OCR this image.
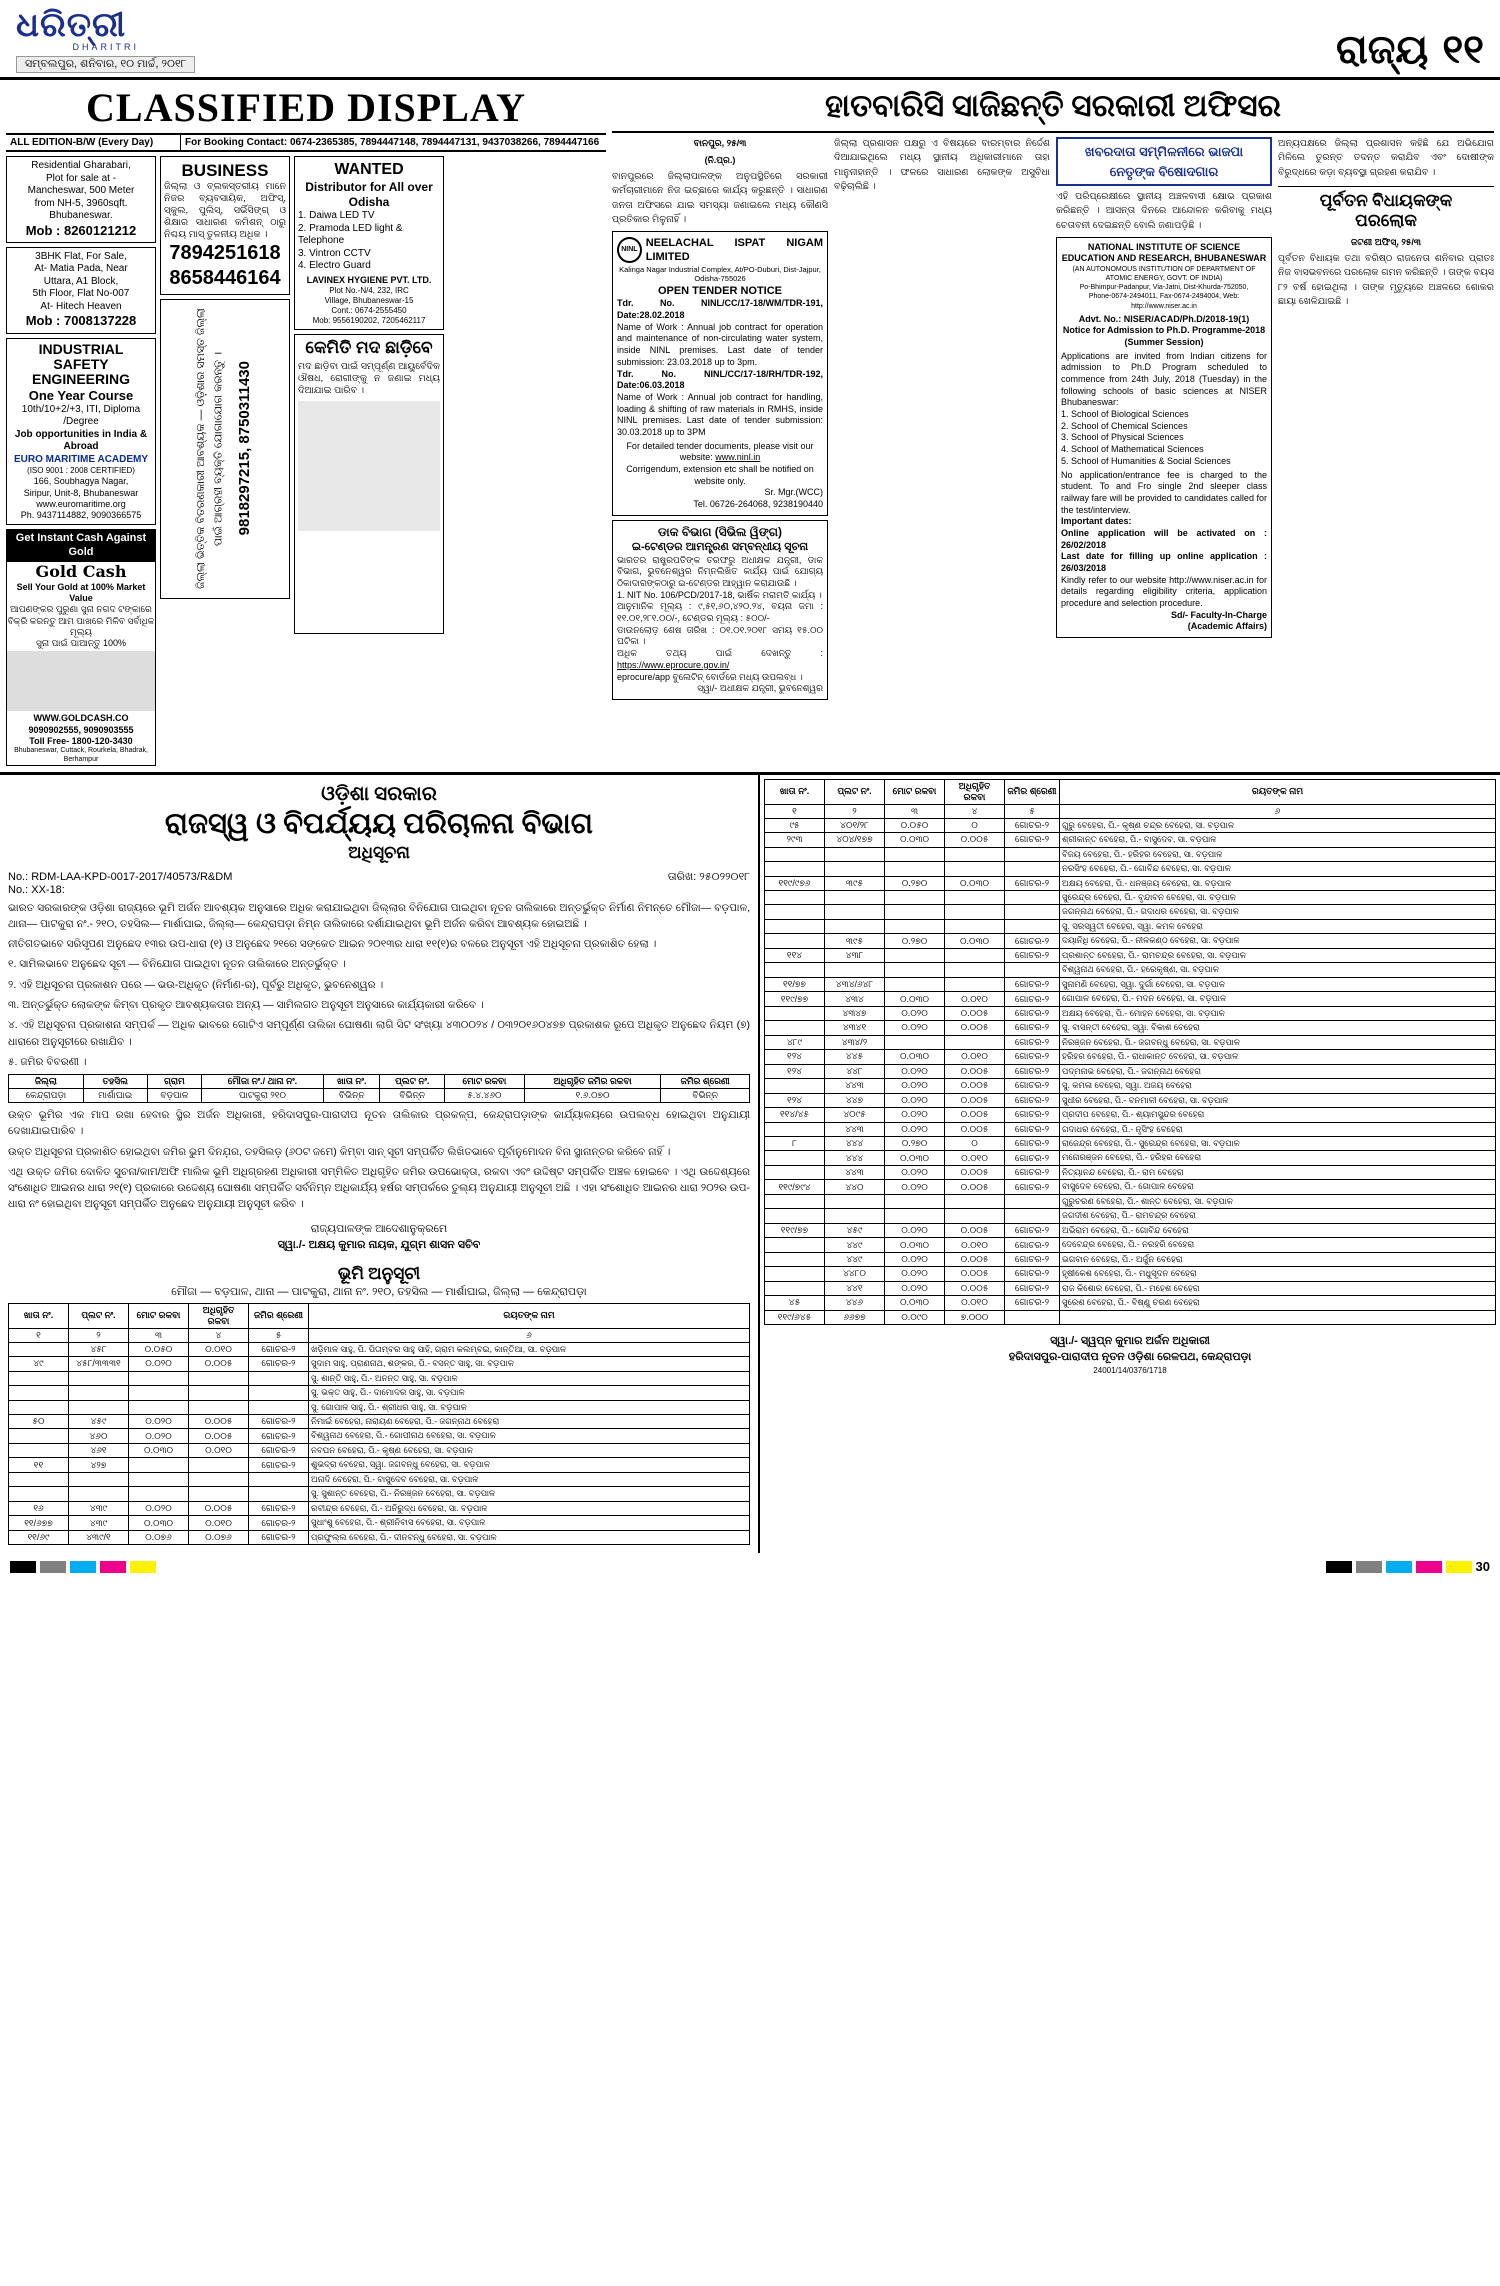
ଧରିତ୍ରୀ
DHARITRI
ସମ୍ବଲପୁର, ଶନିବାର, ୧୦ ମାର୍ଚ୍ଚ, ୨୦୧୮	ରାଜ୍ୟ ୧୧
CLASSIFIED DISPLAY
ALL EDITION-B/W (Every Day)	For Booking Contact: 0674-2365385, 7894447148, 7894447131, 9437038266, 7894447166
Residential Gharabari,
Plot for sale at -
Mancheswar, 500 Meter
from NH-5, 3960sqft.
Bhubaneswar.
Mob : 8260121212
3BHK Flat, For Sale,
At- Matia Pada, Near
Uttara, A1 Block,
5th Floor, Flat No-007
At- Hitech Heaven
Mob : 7008137228
INDUSTRIAL SAFETY ENGINEERING
One Year Course
10th/10+2/+3, ITI, Diploma /Degree
Job opportunities in India & Abroad
EURO MARITIME ACADEMY
(ISO 9001 : 2008 CERTIFIED)
166, Soubhagya Nagar,
Siripur, Unit-8, Bhubaneswar
www.euromaritime.org
Ph. 9437114882, 9090366575
Get Instant Cash Against Gold
Gold Cash
Sell Your Gold at 100% Market Value
ଆପଣଙ୍କର ପୁରୁଣା ସୁନା ନଗଦ ଟଙ୍କାରେ
ବିକ୍ରି କରନ୍ତୁ ଆମ ପାଖରେ ମିଳିବ ସର୍ବାଧିକ ମୂଲ୍ୟ
ସୁନା ପାଇଁ ପାଆନ୍ତୁ 100%
WWW.GOLDCASH.CO
9090902555, 9090903555
Toll Free- 1800-120-3430
Bhubaneswar, Cuttack, Rourkela, Bhadrak, Berhampur
BUSINESS
ଜିଲ୍ଲା ଓ ବ୍ଲକସ୍ତରୀୟ ମାନେ ନିଜର ବ୍ୟବସାୟିକ, ଅଫିସ୍, ସ୍କୁଲ, ପୁଲିସ୍, ସର୍ଭିସିଙ୍ଗ୍ ଓ ଶିକ୍ଷାର ସାଧାରଣ କମିଶନ୍ ଠାରୁ ନିଶ୍ଚୟ ମାସ୍ ତୁଳନୀୟ ଅଧିକ ।
7894251618
8658446164
ଜିଲ୍ଲା ଭିତ୍ତିକ ବିତରଣକାରୀ ଆବଶ୍ୟକ — ଓଡ଼ିଶାର ସମସ୍ତ ଜିଲ୍ଲା ପାଇଁ ଆଗ୍ରହୀ ବ୍ୟକ୍ତି ଯୋଗାଯୋଗ କରନ୍ତୁ । 9818297215, 8750311430
WANTED
Distributor for All over Odisha
1. Daiwa LED TV
2. Pramoda LED light & Telephone
3. Vintron CCTV
4. Electro Guard
LAVINEX HYGIENE PVT. LTD.
Plot No.-N/4, 232, IRC
Village, Bhubaneswar-15
Cont.: 0674-2555450
Mob: 9556190202, 7205462117
କେମିତି ମଦ ଛାଡ଼ିବେ
ମଦ ଛାଡ଼ିବା ପାଇଁ ସମ୍ପୂର୍ଣ୍ଣ ଆୟୁର୍ବେଦିକ ଔଷଧ, ରୋଗୀଙ୍କୁ ନ ଜଣାଇ ମଧ୍ୟ ଦିଆଯାଇ ପାରିବ ।
ହାତବାରିସି ସାଜିଛନ୍ତି ସରକାରୀ ଅଫିସର
ବାନପୁର, ୨୫/୩
(ନି.ପ୍ର.)
ବାନପୁରରେ ଜିଲ୍ଲାପାଳଙ୍କ ଅନୁପସ୍ଥିତିରେ ସରକାରୀ କର୍ମଚାରୀମାନେ ନିଜ ଇଚ୍ଛାରେ କାର୍ଯ୍ୟ କରୁଛନ୍ତି । ସାଧାରଣ ଜନତା ଅଫିସରେ ଯାଇ ସମସ୍ୟା ଜଣାଇଲେ ମଧ୍ୟ କୌଣସି ପ୍ରତିକାର ମିଳୁନାହିଁ ।
NINL
NEELACHAL ISPAT NIGAM LIMITED
Kalinga Nagar Industrial Complex, At/PO-Duburi, Dist-Jajpur, Odisha-755026
OPEN TENDER NOTICE
Tdr. No. NINL/CC/17-18/WM/TDR-191, Date:28.02.2018
Name of Work : Annual job contract for operation and maintenance of non-circulating water system, inside NINL premises. Last date of tender submission: 23.03.2018 up to 3pm.
Tdr. No. NINL/CC/17-18/RH/TDR-192, Date:06.03.2018
Name of Work : Annual job contract for handling, loading & shifting of raw materials in RMHS, inside NINL premises. Last date of tender submission: 30.03.2018 up to 3PM
For detailed tender documents, please visit our website: www.ninl.in
Corrigendum, extension etc shall be notified on website only.
Sr. Mgr.(WCC)
Tel. 06726-264068, 9238190440
ଡାକ ବିଭାଗ (ସିଭିଲ ୱିଙ୍ଗ)
ଇ-ଟେଣ୍ଡର ଆମନ୍ତ୍ରଣ ସମ୍ବନ୍ଧୀୟ ସୂଚନା
ଭାରତର ରାଷ୍ଟ୍ରପତିଙ୍କ ତରଫରୁ ଅଧୀକ୍ଷକ ଯନ୍ତ୍ରୀ, ଡାକ ବିଭାଗ, ଭୁବନେଶ୍ୱର ନିମ୍ନଲିଖିତ କାର୍ଯ୍ୟ ପାଇଁ ଯୋଗ୍ୟ ଠିକାଦାରଙ୍କଠାରୁ ଇ-ଟେଣ୍ଡର ଆହ୍ୱାନ କରାଯାଉଛି ।
1. NIT No. 106/PCD/2017-18, ଭାର୍ଷିକ ମରାମତି କାର୍ଯ୍ୟ ।
ଆନୁମାନିକ ମୂଲ୍ୟ : ୯,୫୧,୬୦,୪୨୦.୨୪, ବୟନା ଜମା : ୧୧.୦୧,୨୮୧.୦୦/-, ଟେଣ୍ଡର ମୂଲ୍ୟ : ୫୦୦/-
ଡାଉନଲୋଡ଼ ଶେଷ ତାରିଖ : ୦୧.୦୧.୨୦୧୮ ସମୟ ୧୫.୦୦ ଘଟିକା ।
ଅଧିକ ତଥ୍ୟ ପାଇଁ ଦେଖନ୍ତୁ : https://www.eprocure.gov.in/
eprocure/app ବୁଲେଟିନ୍ ବୋର୍ଡରେ ମଧ୍ୟ ଉପଲବ୍ଧ ।
ସ୍ୱା/- ଅଧୀକ୍ଷକ ଯନ୍ତ୍ରୀ, ଭୁବନେଶ୍ୱର
ଜିଲ୍ଲା ପ୍ରଶାସନ ପକ୍ଷରୁ ଏ ବିଷୟରେ ବାରମ୍ବାର ନିର୍ଦ୍ଦେଶ ଦିଆଯାଇଥିଲେ ମଧ୍ୟ ସ୍ଥାନୀୟ ଅଧିକାରୀମାନେ ତାହା ମାନୁନାହାନ୍ତି । ଫଳରେ ସାଧାରଣ ଲୋକଙ୍କ ଅସୁବିଧା ବଢ଼ିଚାଲିଛି ।
ଖବରଦାତା ସମ୍ମିଳନୀରେ ଭାଜପା ନେତୃଙ୍କ ବିଷୋଦଗାର
ଏହି ପରିପ୍ରେକ୍ଷୀରେ ସ୍ଥାନୀୟ ଅଞ୍ଚଳବାସୀ କ୍ଷୋଭ ପ୍ରକାଶ କରିଛନ୍ତି । ଆସନ୍ତା ଦିନରେ ଆନ୍ଦୋଳନ କରିବାକୁ ମଧ୍ୟ ଚେତାବନୀ ଦେଇଛନ୍ତି ବୋଲି ଜଣାପଡ଼ିଛି ।
NATIONAL INSTITUTE OF SCIENCE EDUCATION AND RESEARCH, BHUBANESWAR
(AN AUTONOMOUS INSTITUTION OF DEPARTMENT OF ATOMIC ENERGY, GOVT. OF INDIA)
Po-Bhimpur-Padanpur, Via-Jatni, Dist-Khurda-752050,
Phone-0674-2494011, Fax-0674-2494004, Web: http://www.niser.ac.in
Advt. No.: NISER/ACAD/Ph.D/2018-19(1)
Notice for Admission to Ph.D. Programme-2018
(Summer Session)
Applications are invited from Indian citizens for admission to Ph.D Program scheduled to commence from 24th July, 2018 (Tuesday) in the following schools of basic sciences at NISER Bhubaneswar:
1. School of Biological Sciences
2. School of Chemical Sciences
3. School of Physical Sciences
4. School of Mathematical Sciences
5. School of Humanities & Social Sciences
No application/entrance fee is charged to the student. To and Fro single 2nd sleeper class railway fare will be provided to candidates called for the test/interview.
Important dates:
Online application will be activated on : 26/02/2018
Last date for filling up online application : 26/03/2018
Kindly refer to our website http://www.niser.ac.in for details regarding eligibility criteria, application procedure and selection procedure.
Sd/- Faculty-In-Charge
(Academic Affairs)
ଅନ୍ୟପକ୍ଷରେ ଜିଲ୍ଲା ପ୍ରଶାସନ କହିଛି ଯେ ଅଭିଯୋଗ ମିଳିଲେ ତୁରନ୍ତ ତଦନ୍ତ କରାଯିବ ଏବଂ ଦୋଷୀଙ୍କ ବିରୁଦ୍ଧରେ କଡ଼ା ବ୍ୟବସ୍ଥା ଗ୍ରହଣ କରାଯିବ ।
ପୂର୍ବତନ ବିଧାୟକଙ୍କ
ପରଲୋକ
ଜଟଣୀ ଅଫିସ୍, ୨୫/୩
ପୂର୍ବତନ ବିଧାୟକ ତଥା ବରିଷ୍ଠ ରାଜନେତା ଶନିବାର ପ୍ରାତଃ ନିଜ ବାସଭବନରେ ପରଲୋକ ଗମନ କରିଛନ୍ତି । ତାଙ୍କ ବୟସ ୮୨ ବର୍ଷ ହୋଇଥିଲା । ତାଙ୍କ ମୃତ୍ୟୁରେ ଅଞ୍ଚଳରେ ଶୋକର ଛାୟା ଖେଳିଯାଇଛି ।
ଓଡ଼ିଶା ସରକାର
ରାଜସ୍ୱ ଓ ବିପର୍ଯ୍ୟୟ ପରିଚାଳନା ବିଭାଗ
ଅଧିସୂଚନା
No.: RDM-LAA-KPD-0017-2017/40573/R&DM	ତାରିଖ: ୨୫୦୨୨୦୧୮
No.: XX-18:

ଭାରତ ସରକାରଙ୍କ ଓଡ଼ିଶା ରାଜ୍ୟରେ ଭୂମି ଅର୍ଜନ ଆବଶ୍ୟକ ଅନୁସାରେ ଅଧିକ କରାଯାଇଥିବା ଜିଲ୍ଲାର ବିନିଯୋଗ ପାଇଥିବା ନୂତନ ତାଲିକାରେ ଅନ୍ତର୍ଭୁକ୍ତ ନିର୍ମାଣ ନିମନ୍ତେ ମୌଜା— ବଡ଼ପାଳ, ଥାନା— ପାଟକୁରା ନଂ.- ୨୧୦, ତହସିଲ— ମାର୍ଶାଘାଇ, ଜିଲ୍ଲା— କେନ୍ଦ୍ରାପଡ଼ା ନିମ୍ନ ତାଲିକାରେ ଦର୍ଶାଯାଇଥିବା ଭୂମି ଅର୍ଜନ କରିବା ଆବଶ୍ୟକ ହୋଇଅଛି ।

ନୀତିଗତଭାବେ ସରିସୃପଣ ଅନୁଛେଦ ୧୩ର ଉପ-ଧାରା (୧) ଓ ଅନୁଛେଦ ୨୧ରେ ସଙ୍କେତ ଆଇନ ୨୦୧୩ର ଧାରା ୧୧(୧)ର ବଳରେ ଅନୁସୂଚୀ ଏହି ଅଧିସୂଚନା ପ୍ରକାଶିତ ହେଲା ।

୧. ସାମିଲଭାବେ ଅନୁଛେଦ ସୂଚୀ — ବିନିଯୋଗ ପାଇଥିବା ନୂତନ ତାଲିକାରେ ଅନ୍ତର୍ଭୁକ୍ତ ।

୨. ଏହି ଅଧିସୂଚନା ପ୍ରକାଶନ ପରେ — ଭଉ-ଅଧିକୃତ (ନିର୍ମାଣ-ର), ପୂର୍ବରୁ ଅଧିକୃତ, ଭୁବନେଶ୍ୱର ।

୩. ଅନ୍ତର୍ଭୁକ୍ତ ଲୋକଙ୍କ କିମ୍ବା ପ୍ରକୃତ ଆବଶ୍ୟକତାର ଅନ୍ୟ — ସାମିଲଗତ ଅନୁସୂଚୀ ଅନୁସାରେ କାର୍ଯ୍ୟକାରୀ କରିବେ ।

୪. ଏହି ଅଧିସୂଚନା ପ୍ରକାଶନା ସମ୍ପର୍କ — ଅଧିକ ଭାବରେ ଗୋଟିଏ ସମ୍ପୂର୍ଣ୍ଣ ତାଲିକା ଘୋଷଣା ଲାଗି ସିଟ ସଂଖ୍ୟା ୪୩୦୦୨୪ / ୦୩୨୦୧୬୦୪୭୭ ପ୍ରକାଶକ ରୂପେ ଅଧିକୃତ ଅନୁଛେଦ ନିୟମ (୭) ଧାରାରେ ଅନୁସୂଚୀରେ ରଖାଯିବ ।

୫. ଜମିର ବିବରଣୀ ।

ଜିଲ୍ଲା	ତହସିଲ	ଗ୍ରାମ	ମୌଜା ନଂ./ ଥାନା ନଂ.	ଖାତା ନଂ.	ପ୍ଲଟ ନଂ.	ମୋଟ ରକବା	ଅଧିଗୃହିତ ଜମିର ରକବା	ଜମିର ଶ୍ରେଣୀ
କେନ୍ଦ୍ରାପଡ଼ା	ମାର୍ଶାଘାଇ	ବଡ଼ପାଳ	ପାଟକୁରା ୨୧୦	ବିଭିନ୍ନ	ବିଭିନ୍ନ	୫.୪.୪୬୦	୧.୬.୦୭୦	ବିଭିନ୍ନ

ଉକ୍ତ ଭୂମିର ଏକ ମାପ ରଖା ହେବାର ସ୍ଥିର ଅର୍ଜନ ଅଧିକାରୀ, ହରିଦାସପୁର-ପାରାଦୀପ ନୂତନ ତାଲିକାର ପ୍ରକଳ୍ପ, କେନ୍ଦ୍ରାପଡ଼ାଙ୍କ କାର୍ଯ୍ୟାଳୟରେ ଉପଲବ୍ଧ ହୋଇଥିବା ଅନୁଯାୟୀ ଦେଖାଯାଇପାରିବ ।

ଉକ୍ତ ଅଧିସୂଚନା ପ୍ରକାଶିତ ହୋଇଥିବା ଜମିର ଭୁମ ଦିନଯ଼ର, ତହସିଲଡ଼ (୬୦ଟ ଜମେ) କିମ୍ବା ସାନ୍ ସୂଚୀ ସମ୍ପର୍କିତ ଲିଖିତଭାବେ ପୂର୍ବାନୁମୋଦନ ବିନା ସ୍ଥାନାନ୍ତର କରିବେ ନାହିଁ ।

ଏଥି ଉକ୍ତ ଜମିର ଦୋଳିତ ସୁଚନା/କାମ/ଅଫି ମାଲିକ ଭୂମି ଅଧିଗ୍ରହଣ ଅଧିକାରୀ ସମ୍ମିଳିତ ଅଧିଗୃହିତ ଜମିର ଉପଭୋକ୍ତା, ରକବା ଏବଂ ଉଦ୍ଦିଷ୍ଟ ସମ୍ପର୍କିତ ଅଞ୍ଚଳ ହୋଇବେ । ଏଥି ଉଦ୍ଦେଶ୍ୟରେ ସଂଶୋଧିତ ଆଇନର ଧାରା ୨୧(୧) ପ୍ରକାରେ ଉଦ୍ଦେଶ୍ୟ ଘୋଷଣା ସମ୍ପର୍କିତ ସର୍ବନିମ୍ନ ଅଧିକାର୍ଯ୍ୟ ହର୍ଷର ସମ୍ପର୍କରେ ତୁଲ୍ୟ ଅନୁଯାୟୀ ଅନୁସୂଚୀ ଅଛି । ଏହା ସଂଶୋଧିତ ଆଇନର ଧାରା ୨୦୨ର ଉପ-ଧାରା ନଂ ହୋଇଥିବା ଅନୁସୂଚୀ ସମ୍ପର୍କିତ ଅନୁଛେଦ ଅନୁଯାୟୀ ଅନୁସୂଚୀ କରିବ ।

ରାଜ୍ୟପାଳଙ୍କ ଆଦେଶାନୁକ୍ରମେ
ସ୍ୱା./- ଅକ୍ଷୟ କୁମାର ନାୟକ, ଯୁଗ୍ମ ଶାସନ ସଚିବ
ଭୂମି ଅନୁସୂଚୀ
ମୌଜା — ବଡ଼ପାଳ, ଥାନା — ପାଟକୁରା, ଥାନା ନଂ. ୨୧୦, ତହସିଲ — ମାର୍ଶାଘାଇ, ଜିଲ୍ଲା — କେନ୍ଦ୍ରାପଡ଼ା
ଖାତା ନଂ.	ପ୍ଲଟ ନଂ.	ମୋଟ ରକବା	ଅଧିଗୃହିତ ରକବା	ଜମିର ଶ୍ରେଣୀ	ରୟତଙ୍କ ନାମ
୧	୨	୩	୪	୫	୬
	୪୫୮	୦.୦୫୦	୦.୦୧୦	ଗୋଚର-୨	ଖଡ଼ିମାଳ ସାହୁ, ପି. ପିତାମ୍ବର ସାହୁ ସାହି, ଗ୍ରାମ କଲମ୍ବଇ, କାନ୍ତିଆ, ସା. ବଡ଼ପାଳ
୪୯	୪୫୮/୩୩୩୧	୦.୦୨୦	୦.୦୦୫	ଗୋଚର-୨	ସୁଦାମ ସାହୁ, ପ୍ରାଣନାଥ, ଶଙ୍କର, ପି.- ବସନ୍ତ ସାହୁ, ସା. ବଡ଼ପାଳ
					ସୁ. ଶାନ୍ତି ସାହୁ, ପି.- ଅନନ୍ତ ସାହୁ, ସା. ବଡ଼ପାଳ
					ସୁ. ଭକ୍ତ ସାହୁ, ପି.- ଦାମୋଦର ସାହୁ, ସା. ବଡ଼ପାଳ
					ସୁ. ଗୋପାଳ ସାହୁ, ପି.- ଶ୍ରୀଧର ସାହୁ, ସା. ବଡ଼ପାଳ
୫୦	୪୫୯	୦.୦୨୦	୦.୦୦୫	ଗୋଚର-୨	ନିମାଇଁ ବେହେରା, ନାରାୟଣ ବେହେରା, ପି.- ଜଗନ୍ନାଥ ବେହେରା
	୪୬୦	୦.୦୨୦	୦.୦୦୫	ଗୋଚର-୨	ବିଶ୍ୱନାଥ ବେହେରା, ପି.- ଗୋପୀନାଥ ବେହେରା, ସା. ବଡ଼ପାଳ
	୪୬୧	୦.୦୩୦	୦.୦୧୦	ଗୋଚର-୨	ନବଘନ ବେହେରା, ପି.- କୃଷ୍ଣ ବେହେରା, ସା. ବଡ଼ପାଳ
୧୧	୪୨୭			ଗୋଚର-୨	ଶୁଭଦ୍ରା ବେହେରା, ସ୍ୱା. ଜଗବନ୍ଧୁ ବେହେରା, ସା. ବଡ଼ପାଳ
					ଅନାଦି ବେହେରା, ପି.- ବାସୁଦେବ ବେହେରା, ସା. ବଡ଼ପାଳ
					ସୁ. ସୁଶାନ୍ତ ବେହେରା, ପି.- ନିରଞ୍ଜନ ବେହେରା, ସା. ବଡ଼ପାଳ
୧୬	୪୩୯	୦.୦୨୦	୦.୦୦୫	ଗୋଚର-୨	ରବୀନ୍ଦ୍ର ବେହେରା, ପି.- ଅନିରୁଦ୍ଧ ବେହେରା, ସା. ବଡ଼ପାଳ
୧୧/୬୭୭	୪୩୯	୦.୦୩୦	୦.୦୧୦	ଗୋଚର-୨	ସୁଧାଂଶୁ ବେହେରା, ପି.- ଶ୍ରୀନିବାସ ବେହେରା, ସା. ବଡ଼ପାଳ
୧୧/୬୯	୪୩୯/୧	୦.୦୭୬	୦.୦୭୬	ଗୋଚର-୨	ପ୍ରଫୁଲ୍ଲ ବେହେରା, ପି.- ଦୀନବନ୍ଧୁ ବେହେରା, ସା. ବଡ଼ପାଳ
ଖାତା ନଂ.	ପ୍ଲଟ ନଂ.	ମୋଟ ରକବା	ଅଧିଗୃହିତ ରକବା	ଜମିର ଶ୍ରେଣୀ	ରୟତଙ୍କ ନାମ
୧	୨	୩	୪	୫	୬
୯୫	୪୦୧/୨୮	୦.୦୫୦	୦	ଗୋଚର-୨	ଗୁରୁ ବେହେରା, ପି.- କୃଷ୍ଣ ଚନ୍ଦ୍ର ବେହେରା, ସା. ବଡ଼ପାଳ
୨୯୩	୪୦୪/୧୭୭	୦.୦୩୦	୦.୦୦୫	ଗୋଚର-୨	ଶ୍ରୀକାନ୍ତ ବେହେରା, ପି.- ବାସୁଦେବ, ସା. ବଡ଼ପାଳ
					ବିଜୟ ବେହେରା, ପି.- ହରିହର ବେହେରା, ସା. ବଡ଼ପାଳ
					ନରସିଂହ ବେହେରା, ପି.- ଗୋବିନ୍ଦ ବେହେରା, ସା. ବଡ଼ପାଳ
୧୧୯/୯୭୬	୩୯୫	୦.୨୭୦	୦.୦୩୦	ଗୋଚର-୨	ଅକ୍ଷୟ ବେହେରା, ପି.- ଧନଞ୍ଜୟ ବେହେରା, ସା. ବଡ଼ପାଳ
					ସୁରେନ୍ଦ୍ର ବେହେରା, ପି.- ବୃନ୍ଦାବନ ବେହେରା, ସା. ବଡ଼ପାଳ
					ଜଗନ୍ନାଥ ବେହେରା, ପି.- ଗଦାଧର ବେହେରା, ସା. ବଡ଼ପାଳ
					ସୁ. ସରସ୍ୱତୀ ବେହେରା, ସ୍ୱା. କମଳ ବେହେରା
	୩୯୫	୦.୨୭୦	୦.୦୩୦	ଗୋଚର-୨	ଦୟାନିଧି ବେହେରା, ପି.- ନୀଳକଣ୍ଠ ବେହେରା, ସା. ବଡ଼ପାଳ
୧୧୪	୪୩୮			ଗୋଚର-୨	ପ୍ରଶାନ୍ତ ବେହେରା, ପି.- ରାମଚନ୍ଦ୍ର ବେହେରା, ସା. ବଡ଼ପାଳ
					ବିଶ୍ୱନାଥ ବେହେରା, ପି.- ହରେକୃଷ୍ଣ, ସା. ବଡ଼ପାଳ
୧୧/୭୭	୪୩୪/୬୪୮			ଗୋଚର-୨	ସୁନାମଣି ବେହେରା, ସ୍ୱା. ଦୁର୍ଗା ବେହେରା, ସା. ବଡ଼ପାଳ
୧୧୯/୭୭	୪୩୪	୦.୦୩୦	୦.୦୧୦	ଗୋଚର-୨	ଗୋପାଳ ବେହେରା, ପି.- ମଦନ ବେହେରା, ସା. ବଡ଼ପାଳ
	୪୩୪୭	୦.୦୨୦	୦.୦୦୫	ଗୋଚର-୨	ଅକ୍ଷୟ ବେହେରା, ପି.- ମୋହନ ବେହେରା, ସା. ବଡ଼ପାଳ
	୪୩୪୧	୦.୦୨୦	୦.୦୦୫	ଗୋଚର-୨	ସୁ. ବାସନ୍ତୀ ବେହେରା, ସ୍ୱା. ବିକାଶ ବେହେରା
୪୮୯	୪୩୪/୨			ଗୋଚର-୨	ନିରଞ୍ଜନ ବେହେରା, ପି.- ଜଗବନ୍ଧୁ ବେହେରା, ସା. ବଡ଼ପାଳ
୧୨୪	୪୪୫	୦.୦୩୦	୦.୦୧୦	ଗୋଚର-୨	ହରିହର ବେହେରା, ପି.- ରାଧାକାନ୍ତ ବେହେରା, ସା. ବଡ଼ପାଳ
୧୨୪	୪୪୮	୦.୦୨୦	୦.୦୦୫	ଗୋଚର-୨	ପଦ୍ମନାଭ ବେହେରା, ପି.- ଜଗନ୍ନାଥ ବେହେରା
	୪୪୩	୦.୦୨୦	୦.୦୦୫	ଗୋଚର-୨	ସୁ. କମଳା ବେହେରା, ସ୍ୱା. ଅଜୟ ବେହେରା
୧୨୪	୪୪୭	୦.୦୨୦	୦.୦୦୫	ଗୋଚର-୨	ସୁଧୀର ବେହେରା, ପି.- ବନମାଳୀ ବେହେରା, ସା. ବଡ଼ପାଳ
୧୧୪/୪୫	୪୦୯୫	୦.୦୨୦	୦.୦୦୫	ଗୋଚର-୨	ପ୍ରଦୀପ ବେହେରା, ପି.- ଶ୍ୟାମସୁନ୍ଦର ବେହେରା
	୪୪୩	୦.୦୨୦	୦.୦୦୫	ଗୋଚର-୨	ଗଦାଧର ବେହେରା, ପି.- ନୃସିଂହ ବେହେରା
୮	୪୪୪	୦.୨୭୦	୦	ଗୋଚର-୨	ରାଜେନ୍ଦ୍ର ବେହେରା, ପି.- ସୁରେନ୍ଦ୍ର ବେହେରା, ସା. ବଡ଼ପାଳ
	୪୪୪	୦.୦୩୦	୦.୦୧୦	ଗୋଚର-୨	ମନୋରଞ୍ଜନ ବେହେରା, ପି.- ହରିହର ବେହେରା
	୪୪୩	୦.୦୨୦	୦.୦୦୫	ଗୋଚର-୨	ନିତ୍ୟାନନ୍ଦ ବେହେରା, ପି.- ରାମ ବେହେରା
୧୧୯/୭୯୪	୪୪୦	୦.୦୨୦	୦.୦୦୫	ଗୋଚର-୨	ବାସୁଦେବ ବେହେରା, ପି.- ଗୋପାଳ ବେହେରା
					ଗୁରୁଚରଣ ବେହେରା, ପି.- ଶାନ୍ତ ବେହେରା, ସା. ବଡ଼ପାଳ
					ଜଗଦୀଶ ବେହେରା, ପି.- ରାମଚନ୍ଦ୍ର ବେହେରା
୧୧୯/୭୭	୪୫୯	୦.୦୨୦	୦.୦୦୫	ଗୋଚର-୨	ଅଭିରାମ ବେହେରା, ପି.- ଗୋବିନ୍ଦ ବେହେରା
	୪୪୯	୦.୦୩୦	୦.୦୧୦	ଗୋଚର-୨	ଦେବେନ୍ଦ୍ର ବେହେରା, ପି.- ନରହରି ବେହେରା
	୪୪୯	୦.୦୨୦	୦.୦୦୫	ଗୋଚର-୨	ଭଗବାନ ବେହେରା, ପି.- ଅର୍ଜୁନ ବେହେରା
	୪୪୮୦	୦.୦୨୦	୦.୦୦୫	ଗୋଚର-୨	ହୃଷୀକେଶ ବେହେରା, ପି.- ମଧୁସୂଦନ ବେହେରା
	୪୪୧	୦.୦୨୦	୦.୦୦୫	ଗୋଚର-୨	ରାଜ କିଶୋର ବେହେରା, ପି.- ମହେଶ ବେହେରା
୪୫	୪୪୬	୦.୦୩୦	୦.୦୧୦	ଗୋଚର-୨	ସୁରେଶ ବେହେରା, ପି.- ବିଷ୍ଣୁ ଚରଣ ବେହେରା
୧୧୯/୬୪୫	୬୬୭୭	୦.୦୯୦	୭.୦୦୦		
ସ୍ୱା./- ସ୍ୱପ୍ନ କୁମାର ଅର୍ଜନ ଅଧିକାରୀ
ହରିଦାସପୁର-ପାରାଦୀପ ନୂତନ ଓଡ଼ିଶା ରେଳପଥ, କେନ୍ଦ୍ରାପଡ଼ା
24001/14/0376/1718
30
